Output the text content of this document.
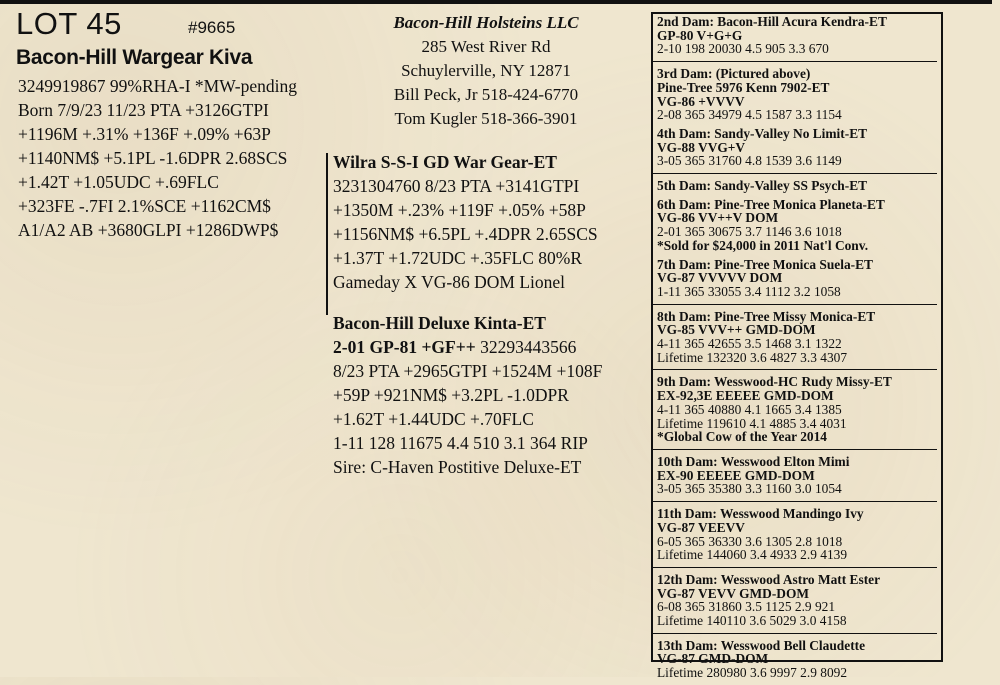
LOT 45	#9665
Bacon-Hill Wargear Kiva
3249919867 99%RHA-I *MW-pending
Born 7/9/23 11/23 PTA +3126GTPI
+1196M +.31% +136F +.09% +63P
+1140NM$ +5.1PL -1.6DPR 2.68SCS
+1.42T +1.05UDC +.69FLC
+323FE -.7FI 2.1%SCE +1162CM$
A1/A2 AB +3680GLPI +1286DWP$
Bacon-Hill Holsteins LLC
285 West River Rd
Schuylerville, NY 12871
Bill Peck, Jr 518-424-6770
Tom Kugler 518-366-3901
Wilra S-S-I GD War Gear-ET
3231304760 8/23 PTA +3141GTPI
+1350M +.23% +119F +.05% +58P
+1156NM$ +6.5PL +.4DPR 2.65SCS
+1.37T +1.72UDC +.35FLC 80%R
Gameday X VG-86 DOM Lionel
Bacon-Hill Deluxe Kinta-ET
2-01 GP-81 +GF++ 32293443566
8/23 PTA +2965GTPI +1524M +108F
+59P +921NM$ +3.2PL -1.0DPR
+1.62T +1.44UDC +.70FLC
1-11 128 11675 4.4 510 3.1 364 RIP
Sire: C-Haven Postitive Deluxe-ET
2nd Dam: Bacon-Hill Acura Kendra-ET
GP-80 V+G+G
2-10 198 20030 4.5 905 3.3 670
3rd Dam: (Pictured above)
Pine-Tree 5976 Kenn 7902-ET
VG-86 +VVVV
2-08 365 34979 4.5 1587 3.3 1154
4th Dam: Sandy-Valley No Limit-ET
VG-88 VVG+V
3-05 365 31760 4.8 1539 3.6 1149
5th Dam: Sandy-Valley SS Psych-ET
6th Dam: Pine-Tree Monica Planeta-ET
VG-86 VV++V DOM
2-01 365 30675 3.7 1146 3.6 1018
*Sold for $24,000 in 2011 Nat'l Conv.
7th Dam: Pine-Tree Monica Suela-ET
VG-87 VVVVV DOM
1-11 365 33055 3.4 1112 3.2 1058
8th Dam: Pine-Tree Missy Monica-ET
VG-85 VVV++ GMD-DOM
4-11 365 42655 3.5 1468 3.1 1322
Lifetime 132320 3.6 4827 3.3 4307
9th Dam: Wesswood-HC Rudy Missy-ET
EX-92,3E EEEEE GMD-DOM
4-11 365 40880 4.1 1665 3.4 1385
Lifetime 119610 4.1 4885 3.4 4031
*Global Cow of the Year 2014
10th Dam: Wesswood Elton Mimi
EX-90 EEEEE GMD-DOM
3-05 365 35380 3.3 1160 3.0 1054
11th Dam: Wesswood Mandingo Ivy
VG-87 VEEVV
6-05 365 36330 3.6 1305 2.8 1018
Lifetime 144060 3.4 4933 2.9 4139
12th Dam: Wesswood Astro Matt Ester
VG-87 VEVV GMD-DOM
6-08 365 31860 3.5 1125 2.9 921
Lifetime 140110 3.6 5029 3.0 4158
13th Dam: Wesswood Bell Claudette
VG-87 GMD-DOM
Lifetime 280980 3.6 9997 2.9 8092
